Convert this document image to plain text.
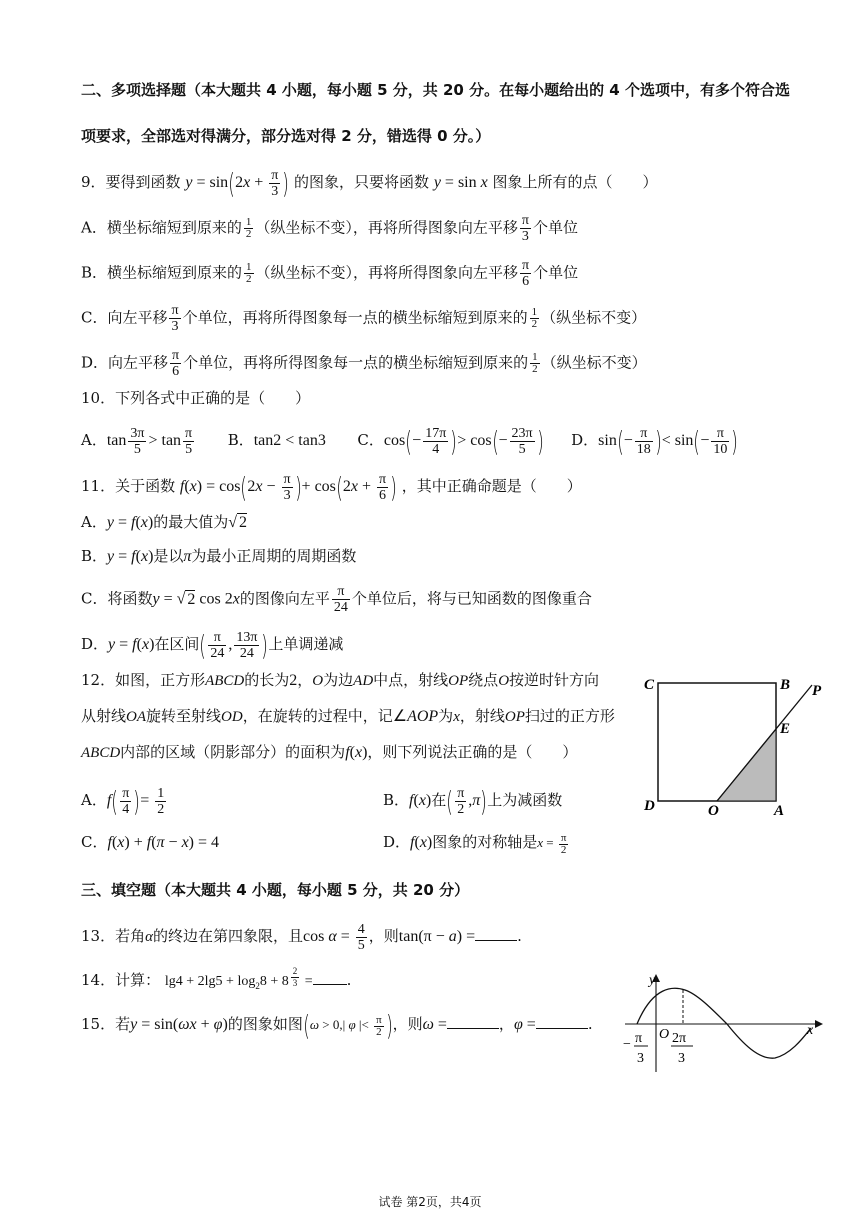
二、多项选择题（本大题共 4 小题，每小题 5 分，共 20 分。在每小题给出的 4 个选项中，有多个符合选
项要求，全部选对得满分，部分选对得 2 分，错选得 0 分。）
9．要得到函数 $y = \sin(2x + \frac{\pi}{3}$ ) 的图象，只要将函数 y = sin x 图象上所有的点（　　）
A．横坐标缩短到原来的 $\frac{1}{2}$ （纵坐标不变），再将所得图象向左平移 $\frac{\pi}{3}$ 个单位
B．横坐标缩短到原来的 $\frac{1}{2}$ （纵坐标不变），再将所得图象向左平移 $\frac{\pi}{6}$ 个单位
C．向左平移 $\frac{\pi}{3}$ 个单位，再将所得图象每一点的横坐标缩短到原来的 $\frac{1}{2}$ （纵坐标不变）
D．向左平移 $\frac{\pi}{6}$ 个单位，再将所得图象每一点的横坐标缩短到原来的 $\frac{1}{2}$ （纵坐标不变）
10．下列各式中正确的是（　　）
A．$\tan \frac{3\pi}{5} > \tan \frac{\pi}{5}$ B．tan2 < tan3 C．$\cos(- \frac{17\pi}{4}$ )> $\cos(- \frac{23\pi}{5}$ ) D．$\sin(- \frac{\pi}{18}$ )< $\sin(- \frac{\pi}{10}$ )
11．关于函数 $f(x) = \cos(2x - \frac{\pi}{3}$ )+ $\cos(2x + \frac{\pi}{6}$ ) ，其中正确命题是（　　）
A．y = f(x)的最大值为√ 2
B．y = f(x)是以π为最小正周期的周期函数
C．将函数y = √ 2 cos 2x的图像向左平 $\frac{\pi}{24}$ 个单位后，将与已知函数的图像重合
D．y = f(x)在区间( $\frac{\pi}{24}$ , $\frac{13\pi}{24}$ )上单调递减
12．如图，正方形ABCD的长为2，O为边AD中点，射线OP绕点O按逆时针方向
从射线OA旋转至射线OD，在旋转的过程中，记∠AOP为x，射线OP扫过的正方形
ABCD内部的区域（阴影部分）的面积为f(x)，则下列说法正确的是（　　）
A．$f( \frac{\pi}{4}$ )= $\frac{1}{2}$	B．f(x)在( $\frac{\pi}{2} ,\pi$)上为减函数
C．f(x) + f(π − x) = 4	D．f(x)图象的对称轴是$x = \frac{\pi}{2}$
C	B P
E
D	O	A
三、填空题（本大题共 4 小题，每小题 5 分，共 20 分）
13．若角α的终边在第四象限，且$\cos \alpha = \frac{4}{5}$ ，则tan(π − a) =	.
14．计算： $\lg 4 + 2\lg 5 + \log_28 + 8$ $^{\frac{2}{3}}$ = .
15．若y = sin(ωx + φ)的图象如图(ω > 0,| φ |< $\frac{\pi}{2}$ )，则ω =	，φ =	.
y
x
O
− π
3
2π
3
试卷 第2页，共4页
